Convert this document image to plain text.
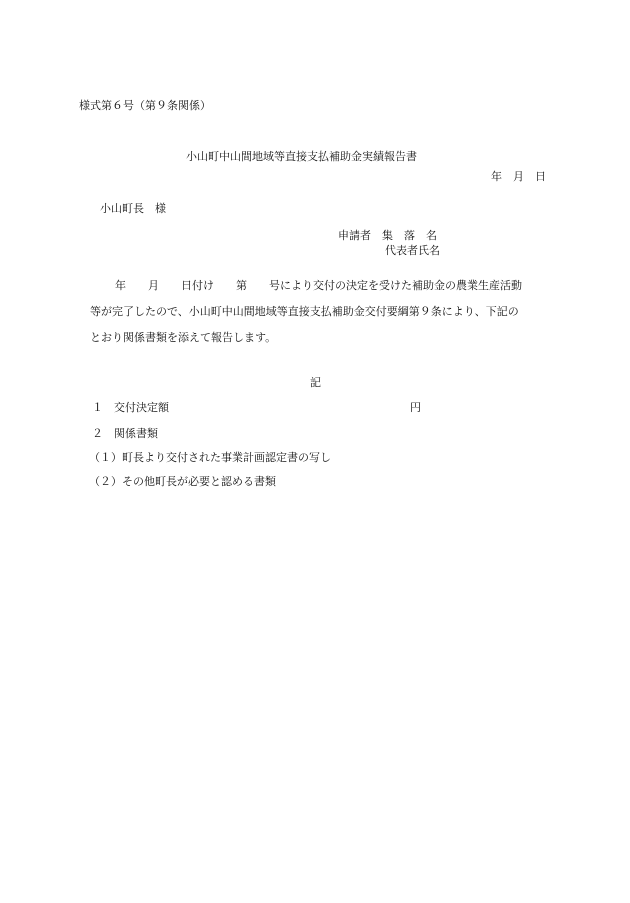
様式第６号（第９条関係）
小山町中山間地域等直接支払補助金実績報告書
年　月　日
小山町長　様
申請者　集　落　名
代表者氏名
年　　月　　日付け　　第　　号により交付の決定を受けた補助金の農業生産活動
等が完了したので、小山町中山間地域等直接支払補助金交付要綱第９条により、下記の
とおり関係書類を添えて報告します。
記
１　交付決定額	円
２　関係書類
（１）町長より交付された事業計画認定書の写し
（２）その他町長が必要と認める書類
